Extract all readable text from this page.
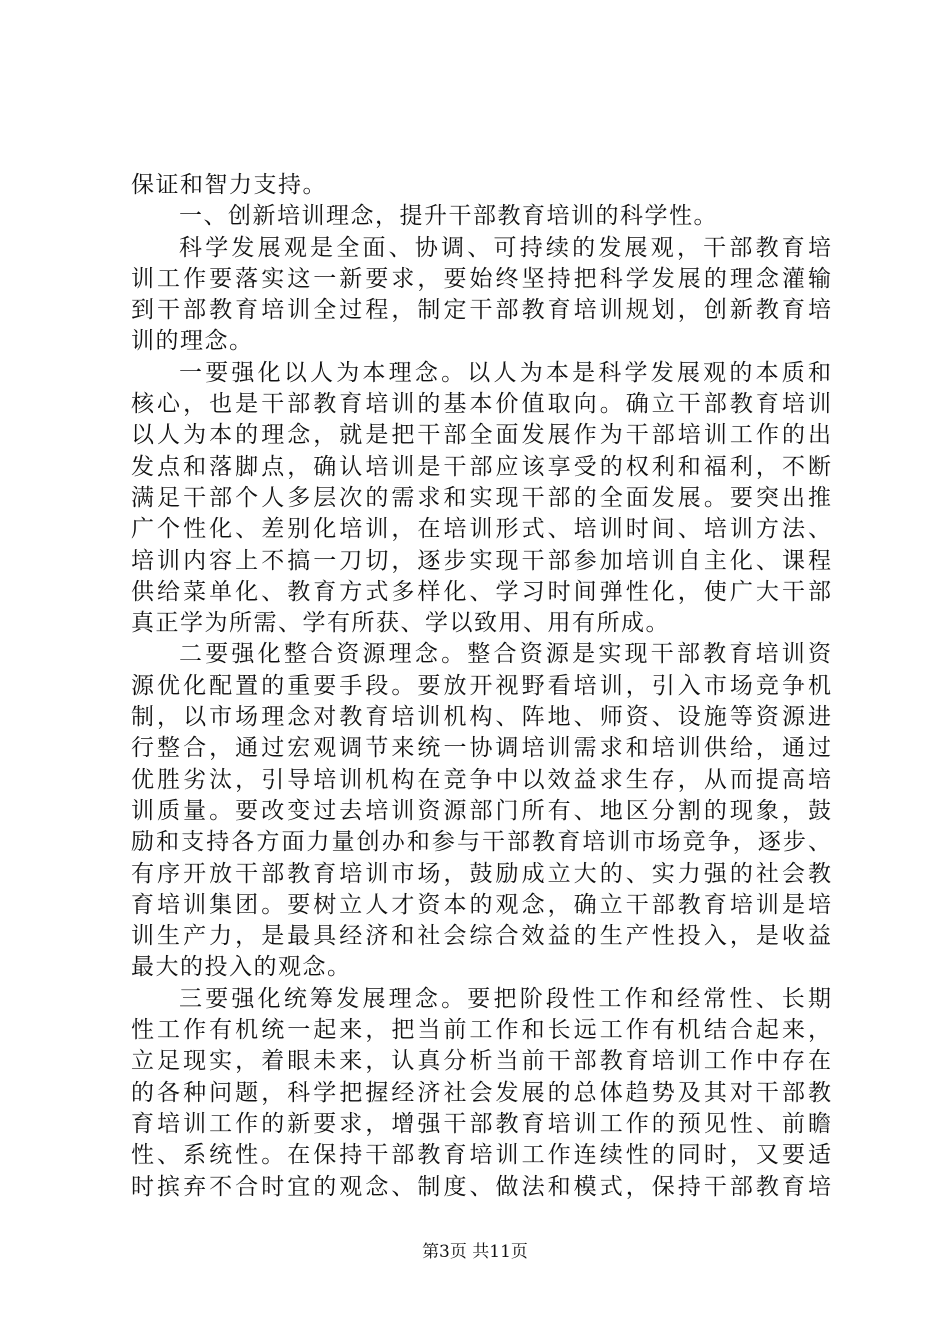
保证和智力支持。
一、创新培训理念，提升干部教育培训的科学性。
科学发展观是全面、协调、可持续的发展观，干部教育培
训工作要落实这一新要求，要始终坚持把科学发展的理念灌输
到干部教育培训全过程，制定干部教育培训规划，创新教育培
训的理念。
一要强化以人为本理念。以人为本是科学发展观的本质和
核心，也是干部教育培训的基本价值取向。确立干部教育培训
以人为本的理念，就是把干部全面发展作为干部培训工作的出
发点和落脚点，确认培训是干部应该享受的权利和福利，不断
满足干部个人多层次的需求和实现干部的全面发展。要突出推
广个性化、差别化培训，在培训形式、培训时间、培训方法、
培训内容上不搞一刀切，逐步实现干部参加培训自主化、课程
供给菜单化、教育方式多样化、学习时间弹性化，使广大干部
真正学为所需、学有所获、学以致用、用有所成。
二要强化整合资源理念。整合资源是实现干部教育培训资
源优化配置的重要手段。要放开视野看培训，引入市场竞争机
制，以市场理念对教育培训机构、阵地、师资、设施等资源进
行整合，通过宏观调节来统一协调培训需求和培训供给，通过
优胜劣汰，引导培训机构在竞争中以效益求生存，从而提高培
训质量。要改变过去培训资源部门所有、地区分割的现象，鼓
励和支持各方面力量创办和参与干部教育培训市场竞争，逐步、
有序开放干部教育培训市场，鼓励成立大的、实力强的社会教
育培训集团。要树立人才资本的观念，确立干部教育培训是培
训生产力，是最具经济和社会综合效益的生产性投入，是收益
最大的投入的观念。
三要强化统筹发展理念。要把阶段性工作和经常性、长期
性工作有机统一起来，把当前工作和长远工作有机结合起来，
立足现实，着眼未来，认真分析当前干部教育培训工作中存在
的各种问题，科学把握经济社会发展的总体趋势及其对干部教
育培训工作的新要求，增强干部教育培训工作的预见性、前瞻
性、系统性。在保持干部教育培训工作连续性的同时，又要适
时摈弃不合时宜的观念、制度、做法和模式，保持干部教育培
第3页 共11页
